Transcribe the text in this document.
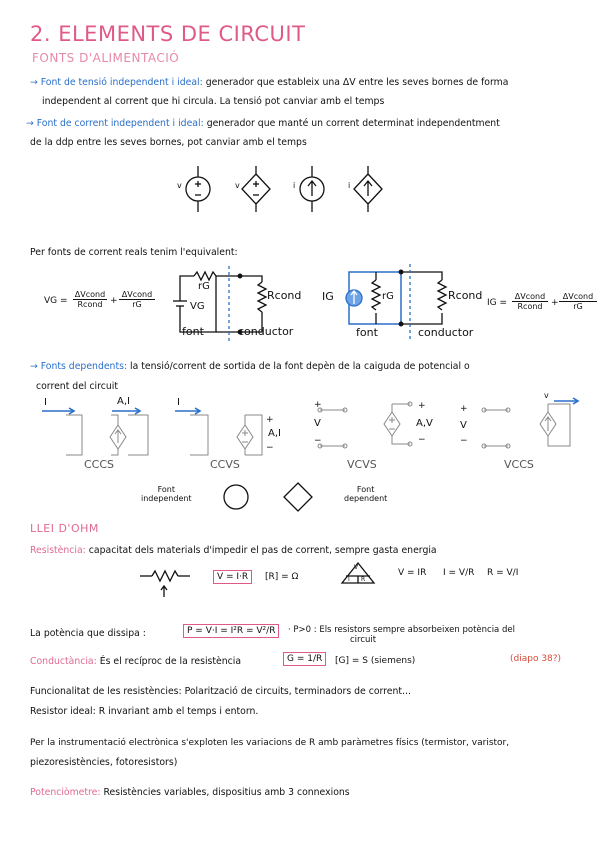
2. ELEMENTS DE CIRCUIT
FONTS D'ALIMENTACIÓ
→ Font de tensió independent i ideal: generador que estableix una ΔV entre les seves bornes de forma
independent al corrent que hi circula. La tensió pot canviar amb el temps
→ Font de corrent independent i ideal: generador que manté un corrent determinat independentment
de la ddp entre les seves bornes, pot canviar amb el temps
v	v	i	i
Per fonts de corrent reals tenim l'equivalent:
VG =
ΔVcond
Rcond +
ΔVcond
rG
rG
VG
Rcond
font	conductor
IG	rG	Rcond
font	conductor
IG =
ΔVcond
Rcond +
ΔVcond
rG
→ Fonts dependents: la tensió/corrent de sortida de la font depèn de la caiguda de potencial o
corrent del circuit
I	A,I
CCCS
I
A,I
+
−
CCVS
+
V
−
A,V
+
−
VCVS
+
V
−
v
VCCS
Font
independent
Font
dependent
LLEI D'OHM
Resistència: capacitat dels materials d'impedir el pas de corrent, sempre gasta energia
V = I·R	[R] = Ω
V
I R
V = IR I = V/R R = V/I
La potència que dissipa :	P = V·I = I²R = V²/R	· P>0 : Els resistors sempre absorbeixen potència del
circuit
Conductància: És el recíproc de la resistència	G = 1/R	[G] = S (siemens)	(diapo 38?)
Funcionalitat de les resistències: Polarització de circuits, terminadors de corrent...
Resistor ideal: R invariant amb el temps i entorn.
Per la instrumentació electrònica s'exploten les variacions de R amb paràmetres físics (termistor, varistor,
piezoresistències, fotoresistors)
Potenciòmetre: Resistències variables, dispositius amb 3 connexions
